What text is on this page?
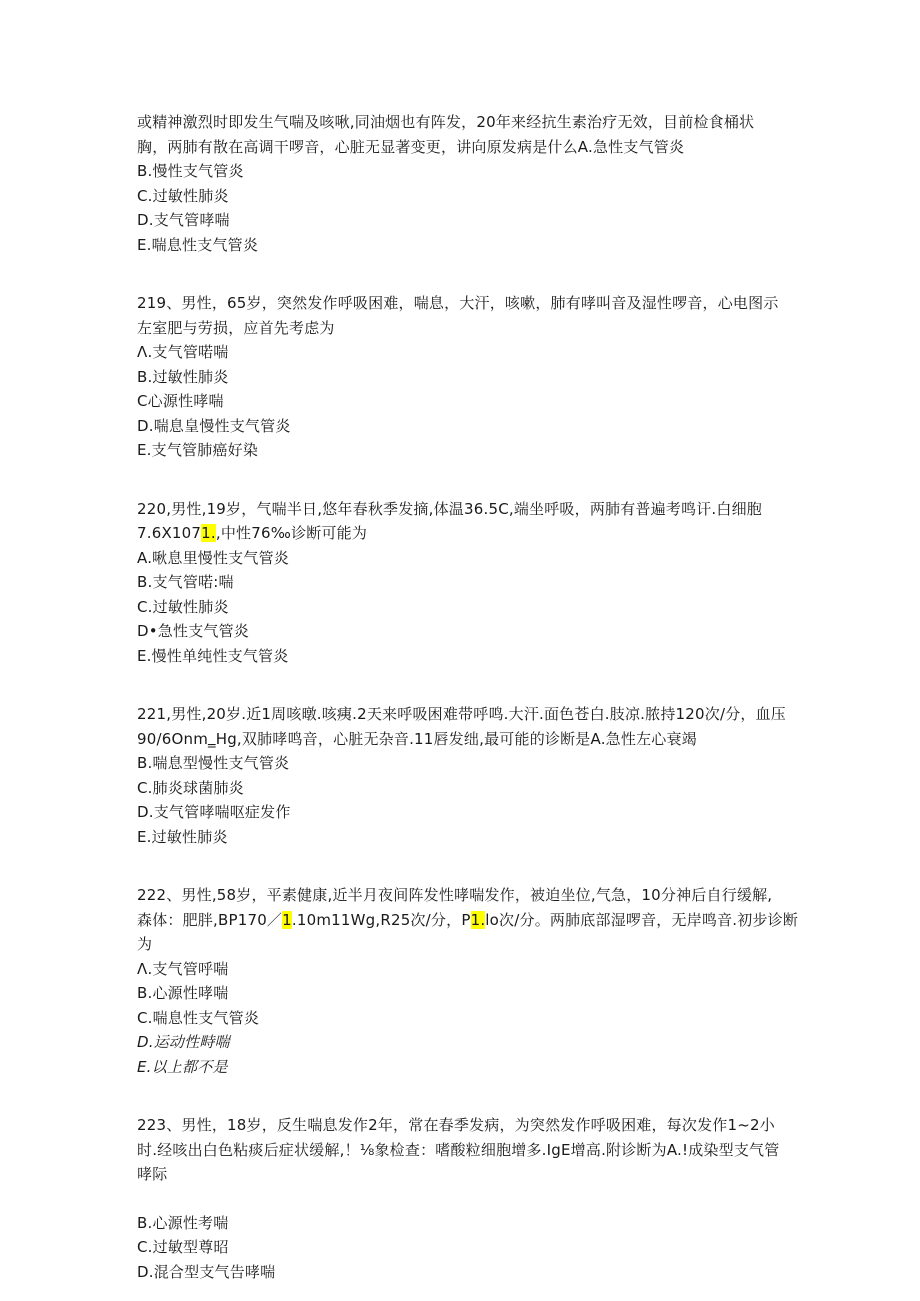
或精神激烈时即发生气喘及咳啾,同油烟也有阵发，20年来经抗生素治疗无效，目前检食桶状
胸，两肺有散在高调干啰音，心脏无显著变更，讲向原发病是什么A.急性支气管炎
B.慢性支气管炎
C.过敏性肺炎
D.支气管哮喘
E.喘息性支气管炎
219、男性，65岁，突然发作呼吸困难，喘息，大汗，咳嗽，肺有哮叫音及湿性啰音，心电图示
左室肥与劳损，应首先考虑为
Λ.支气管喏喘
B.过敏性肺炎
C心源性哮喘
D.喘息皇慢性支气管炎
E.支气管肺癌好染
220,男性,19岁，气喘半日,悠年春秋季发摘,体温36.5C,端坐呼吸，两肺有普遍考鸣讦.白细胞
7.6X1071.,中性76‰诊断可能为
A.啾息里慢性支气管炎
B.支气管喏:喘
C.过敏性肺炎
D•急性支气管炎
E.慢性单纯性支气管炎
221,男性,20岁.近1周咳暾.咳痍.2天来呼吸困难带呼鸣.大汗.面色苍白.肢凉.脓持120次/分，血压
90/6Onm‗Hg,双肺哮鸣音，心脏无杂音.11唇发绌,最可能的诊断是A.急性左心衰竭
B.喘息型慢性支气管炎
C.肺炎球菌肺炎
D.支气管哮喘呕症发作
E.过敏性肺炎
222、男性,58岁，平素健康,近半月夜间阵发性哮喘发作，被迫坐位,气急，10分神后自行缓解,
森体：肥胖,BP170／1.10m11Wg,R25次/分，P1.lo次/分。两肺底部湿啰音，无岸鸣音.初步诊断
为
Λ.支气管呼喘
B.心源性哮喘
C.喘息性支气管炎
D.运动性畤喘
E.以上都不是
223、男性，18岁，反生喘息发作2年，常在春季发病，为突然发作呼吸困难，每次发作1~2小
时.经咳出白色粘痰后症状缓解,！⅛象检查：嗜酸粒细胞增多.IgE增高.附诊断为A.!成染型支气管
哮际
B.心源性考喘
C.过敏型尊昭
D.混合型支气告哮喘
